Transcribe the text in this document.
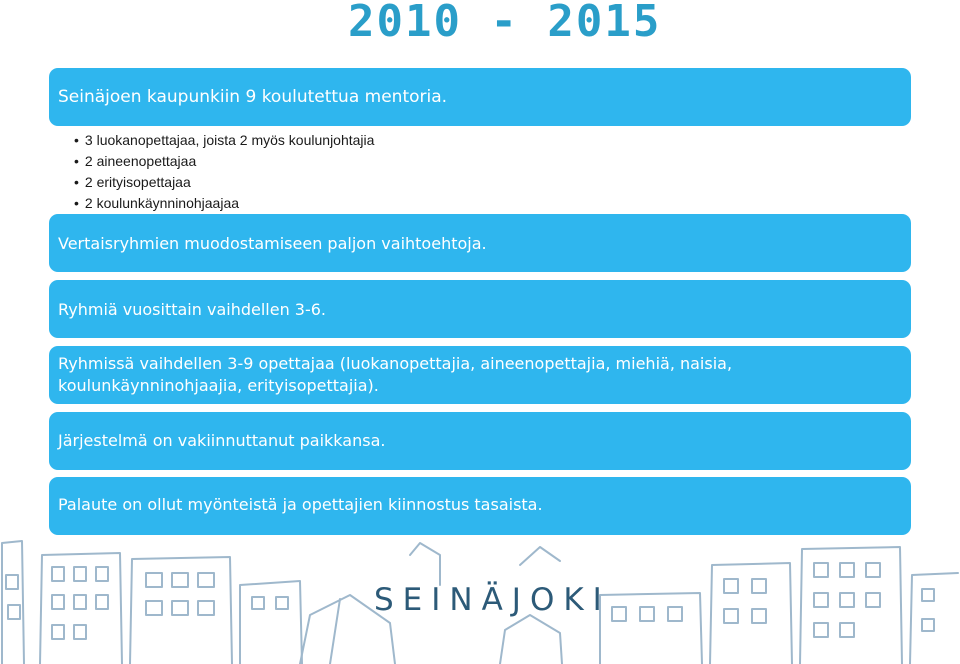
2010 - 2015
Seinäjoen kaupunkiin 9 koulutettua mentoria.
• 3 luokanopettajaa, joista 2 myös koulunjohtajia
• 2 aineenopettajaa
• 2 erityisopettajaa
• 2 koulunkäynninohjaajaa
Vertaisryhmien muodostamiseen paljon vaihtoehtoja.
Ryhmiä vuosittain vaihdellen 3-6.
Ryhmissä vaihdellen 3-9 opettajaa (luokanopettajia, aineenopettajia, miehiä, naisia,
koulunkäynninohjaajia, erityisopettajia).
Järjestelmä on vakiinnuttanut paikkansa.
Palaute on ollut myönteistä ja opettajien kiinnostus tasaista.
SEINÄJOKI
